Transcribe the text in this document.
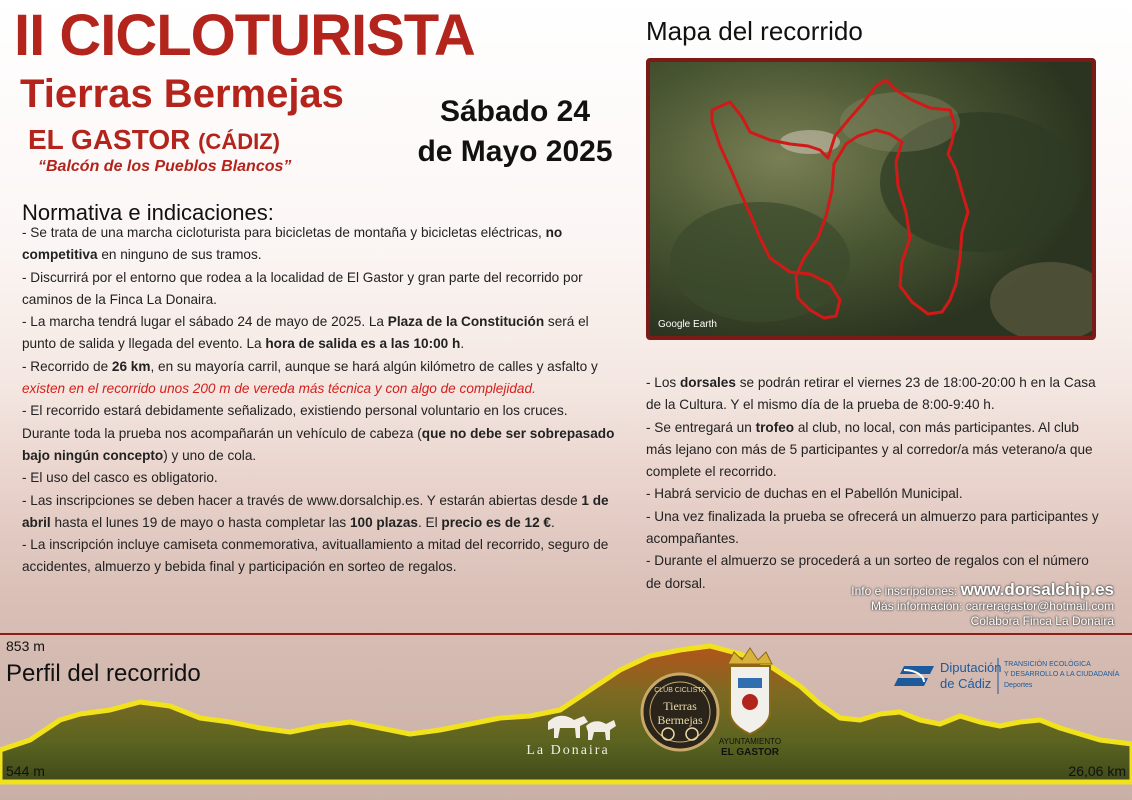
II CICLOTURISTA
Tierras Bermejas
EL GASTOR (CÁDIZ)
“Balcón de los Pueblos Blancos”
Sábado 24
de Mayo 2025
Mapa del recorrido
Google Earth
Normativa e indicaciones:

- Se trata de una marcha cicloturista para bicicletas de montaña y bicicletas eléctricas, no competitiva en ninguno de sus tramos.

- Discurrirá por el entorno que rodea a la localidad de El Gastor y gran parte del recorrido por caminos de la Finca La Donaira.

- La marcha tendrá lugar el sábado 24 de mayo de 2025. La Plaza de la Constitución será el punto de salida y llegada del evento. La hora de salida es a las 10:00 h.

- Recorrido de 26 km, en su mayoría carril, aunque se hará algún kilómetro de calles y asfalto y existen en el recorrido unos 200 m de vereda más técnica y con algo de complejidad.

- El recorrido estará debidamente señalizado, existiendo personal voluntario en los cruces. Durante toda la prueba nos acompañarán un vehículo de cabeza (que no debe ser sobrepasado bajo ningún concepto) y uno de cola.

- El uso del casco es obligatorio.

- Las inscripciones se deben hacer a través de www.dorsalchip.es. Y estarán abiertas desde 1 de abril hasta el lunes 19 de mayo o hasta completar las 100 plazas. El precio es de 12 €.

- La inscripción incluye camiseta conmemorativa, avituallamiento a mitad del recorrido, seguro de accidentes, almuerzo y bebida final y participación en sorteo de regalos.

- Los dorsales se podrán retirar el viernes 23 de 18:00-20:00 h en la Casa de la Cultura. Y el mismo día de la prueba de 8:00-9:40 h.

- Se entregará un trofeo al club, no local, con más participantes. Al club más lejano con más de 5 participantes y al corredor/a más veterano/a que complete el recorrido.

- Habrá servicio de duchas en el Pabellón Municipal.

- Una vez finalizada la prueba se ofrecerá un almuerzo para participantes y acompañantes.

- Durante el almuerzo se procederá a un sorteo de regalos con el número de dorsal.

Info e inscripciones: www.dorsalchip.es
Más información: carreragastor@hotmail.com
Colabora Finca La Donaira
La Donaira
CLUB CICLISTA
Tierras
Bermejas
AYUNTAMIENTO
EL GASTOR
Diputación
de Cádiz
TRANSICIÓN ECOLÓGICA
Y DESARROLLO A LA CIUDADANÍA
Deportes
853 m
Perfil del recorrido
544 m	26,06 km
